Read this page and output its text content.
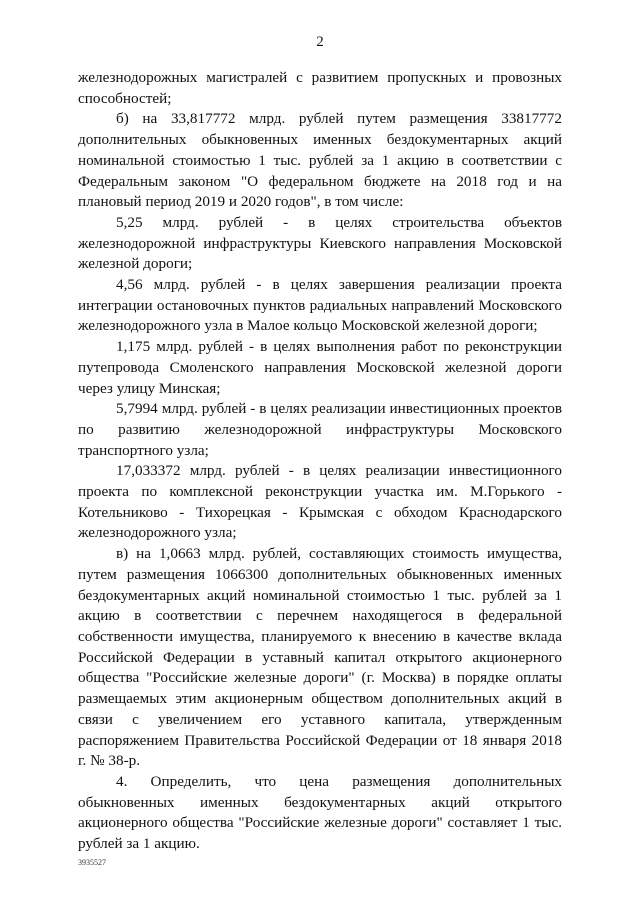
2

железнодорожных магистралей с развитием пропускных и провозных способностей;

б) на 33,817772 млрд. рублей путем размещения 33817772 дополнительных обыкновенных именных бездокументарных акций номинальной стоимостью 1 тыс. рублей за 1 акцию в соответствии с Федеральным законом "О федеральном бюджете на 2018 год и на плановый период 2019 и 2020 годов", в том числе:

5,25 млрд. рублей - в целях строительства объектов железнодорожной инфраструктуры Киевского направления Московской железной дороги;

4,56 млрд. рублей - в целях завершения реализации проекта интеграции остановочных пунктов радиальных направлений Московского железнодорожного узла в Малое кольцо Московской железной дороги;

1,175 млрд. рублей - в целях выполнения работ по реконструкции путепровода Смоленского направления Московской железной дороги через улицу Минская;

5,7994 млрд. рублей - в целях реализации инвестиционных проектов по развитию железнодорожной инфраструктуры Московского транспортного узла;

17,033372 млрд. рублей - в целях реализации инвестиционного проекта по комплексной реконструкции участка им. М.Горького - Котельниково - Тихорецкая - Крымская с обходом Краснодарского железнодорожного узла;

в) на 1,0663 млрд. рублей, составляющих стоимость имущества, путем размещения 1066300 дополнительных обыкновенных именных бездокументарных акций номинальной стоимостью 1 тыс. рублей за 1 акцию в соответствии с перечнем находящегося в федеральной собственности имущества, планируемого к внесению в качестве вклада Российской Федерации в уставный капитал открытого акционерного общества "Российские железные дороги" (г. Москва) в порядке оплаты размещаемых этим акционерным обществом дополнительных акций в связи с увеличением его уставного капитала, утвержденным распоряжением Правительства Российской Федерации от 18 января 2018 г. № 38-р.

4. Определить, что цена размещения дополнительных обыкновенных именных бездокументарных акций открытого акционерного общества "Российские железные дороги" составляет 1 тыс. рублей за 1 акцию.

3935527
